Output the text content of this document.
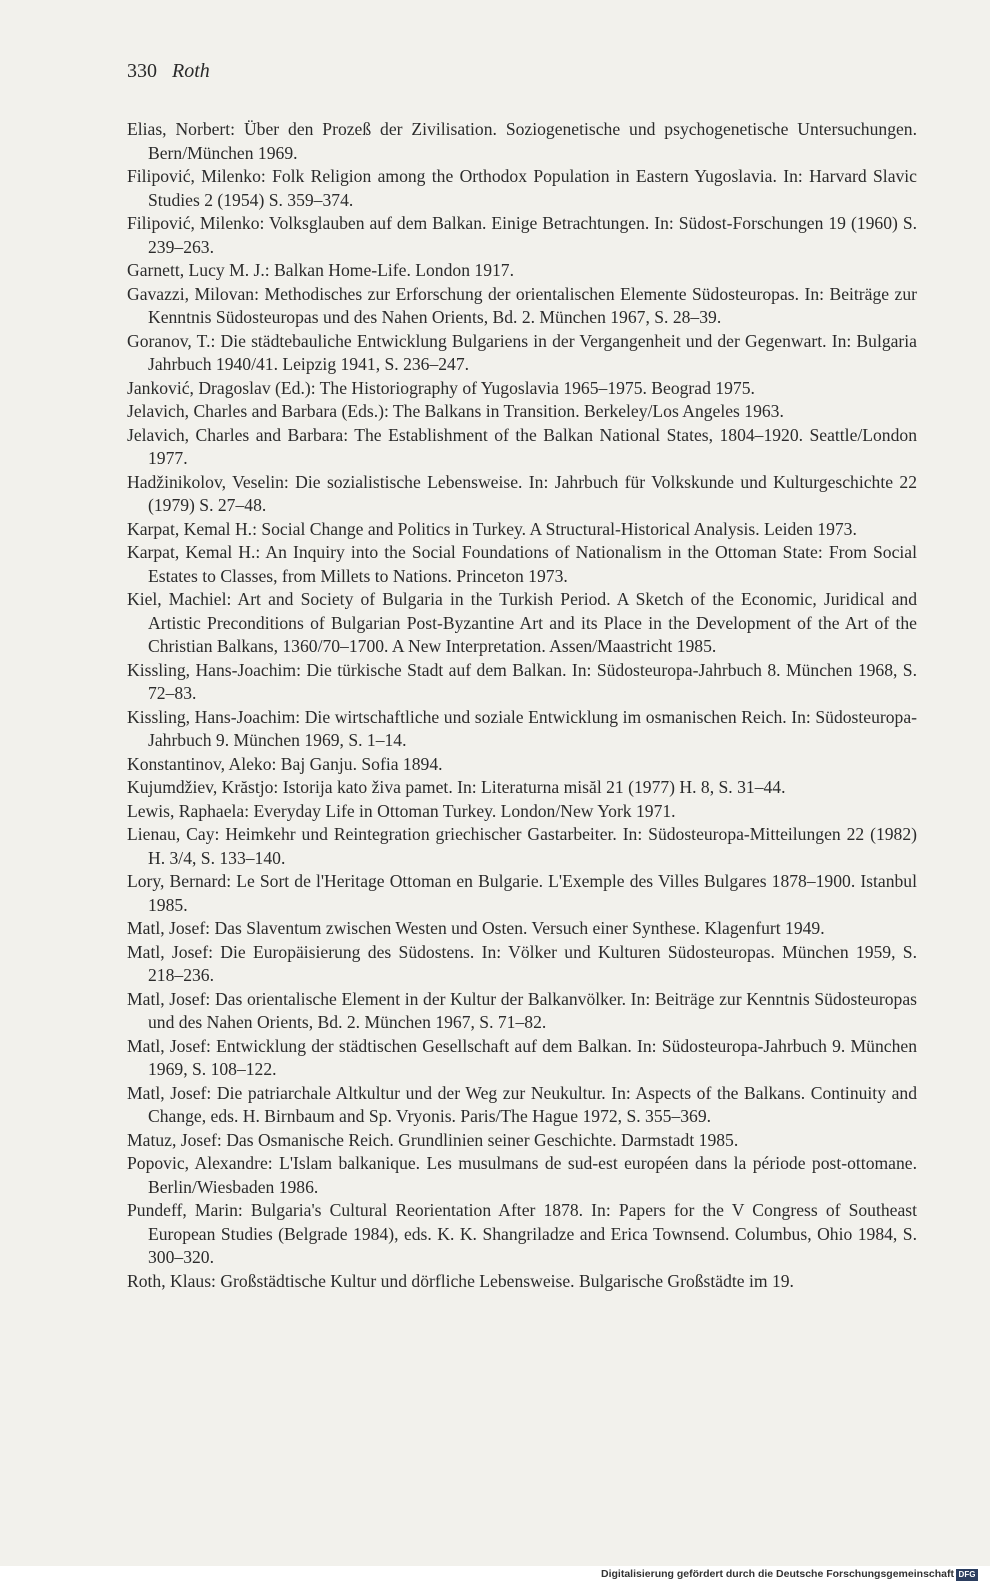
330 Roth

Elias, Norbert: Über den Prozeß der Zivilisation. Soziogenetische und psychogenetische Untersuchungen. Bern/München 1969.

Filipović, Milenko: Folk Religion among the Orthodox Population in Eastern Yugoslavia. In: Harvard Slavic Studies 2 (1954) S. 359–374.

Filipović, Milenko: Volksglauben auf dem Balkan. Einige Betrachtungen. In: Südost-Forschungen 19 (1960) S. 239–263.

Garnett, Lucy M. J.: Balkan Home-Life. London 1917.

Gavazzi, Milovan: Methodisches zur Erforschung der orientalischen Elemente Südosteuropas. In: Beiträge zur Kenntnis Südosteuropas und des Nahen Orients, Bd. 2. München 1967, S. 28–39.

Goranov, T.: Die städtebauliche Entwicklung Bulgariens in der Vergangenheit und der Gegenwart. In: Bulgaria Jahrbuch 1940/41. Leipzig 1941, S. 236–247.

Janković, Dragoslav (Ed.): The Historiography of Yugoslavia 1965–1975. Beograd 1975.

Jelavich, Charles and Barbara (Eds.): The Balkans in Transition. Berkeley/Los Angeles 1963.

Jelavich, Charles and Barbara: The Establishment of the Balkan National States, 1804–1920. Seattle/London 1977.

Hadžinikolov, Veselin: Die sozialistische Lebensweise. In: Jahrbuch für Volkskunde und Kulturgeschichte 22 (1979) S. 27–48.

Karpat, Kemal H.: Social Change and Politics in Turkey. A Structural-Historical Analysis. Leiden 1973.

Karpat, Kemal H.: An Inquiry into the Social Foundations of Nationalism in the Ottoman State: From Social Estates to Classes, from Millets to Nations. Princeton 1973.

Kiel, Machiel: Art and Society of Bulgaria in the Turkish Period. A Sketch of the Economic, Juridical and Artistic Preconditions of Bulgarian Post-Byzantine Art and its Place in the Development of the Art of the Christian Balkans, 1360/70–1700. A New Interpretation. Assen/Maastricht 1985.

Kissling, Hans-Joachim: Die türkische Stadt auf dem Balkan. In: Südosteuropa-Jahrbuch 8. München 1968, S. 72–83.

Kissling, Hans-Joachim: Die wirtschaftliche und soziale Entwicklung im osmanischen Reich. In: Südosteuropa-Jahrbuch 9. München 1969, S. 1–14.

Konstantinov, Aleko: Baj Ganju. Sofia 1894.

Kujumdžiev, Krăstjo: Istorija kato živa pamet. In: Literaturna misăl 21 (1977) H. 8, S. 31–44.

Lewis, Raphaela: Everyday Life in Ottoman Turkey. London/New York 1971.

Lienau, Cay: Heimkehr und Reintegration griechischer Gastarbeiter. In: Südosteuropa-Mitteilungen 22 (1982) H. 3/4, S. 133–140.

Lory, Bernard: Le Sort de l'Heritage Ottoman en Bulgarie. L'Exemple des Villes Bulgares 1878–1900. Istanbul 1985.

Matl, Josef: Das Slaventum zwischen Westen und Osten. Versuch einer Synthese. Klagenfurt 1949.

Matl, Josef: Die Europäisierung des Südostens. In: Völker und Kulturen Südosteuropas. München 1959, S. 218–236.

Matl, Josef: Das orientalische Element in der Kultur der Balkanvölker. In: Beiträge zur Kenntnis Südosteuropas und des Nahen Orients, Bd. 2. München 1967, S. 71–82.

Matl, Josef: Entwicklung der städtischen Gesellschaft auf dem Balkan. In: Südosteuropa-Jahrbuch 9. München 1969, S. 108–122.

Matl, Josef: Die patriarchale Altkultur und der Weg zur Neukultur. In: Aspects of the Balkans. Continuity and Change, eds. H. Birnbaum and Sp. Vryonis. Paris/The Hague 1972, S. 355–369.

Matuz, Josef: Das Osmanische Reich. Grundlinien seiner Geschichte. Darmstadt 1985.

Popovic, Alexandre: L'Islam balkanique. Les musulmans de sud-est européen dans la période post-ottomane. Berlin/Wiesbaden 1986.

Pundeff, Marin: Bulgaria's Cultural Reorientation After 1878. In: Papers for the V Congress of Southeast European Studies (Belgrade 1984), eds. K. K. Shangriladze and Erica Townsend. Columbus, Ohio 1984, S. 300–320.

Roth, Klaus: Großstädtische Kultur und dörfliche Lebensweise. Bulgarische Großstädte im 19.

Digitalisierung gefördert durch die Deutsche Forschungsgemeinschaft DFG
